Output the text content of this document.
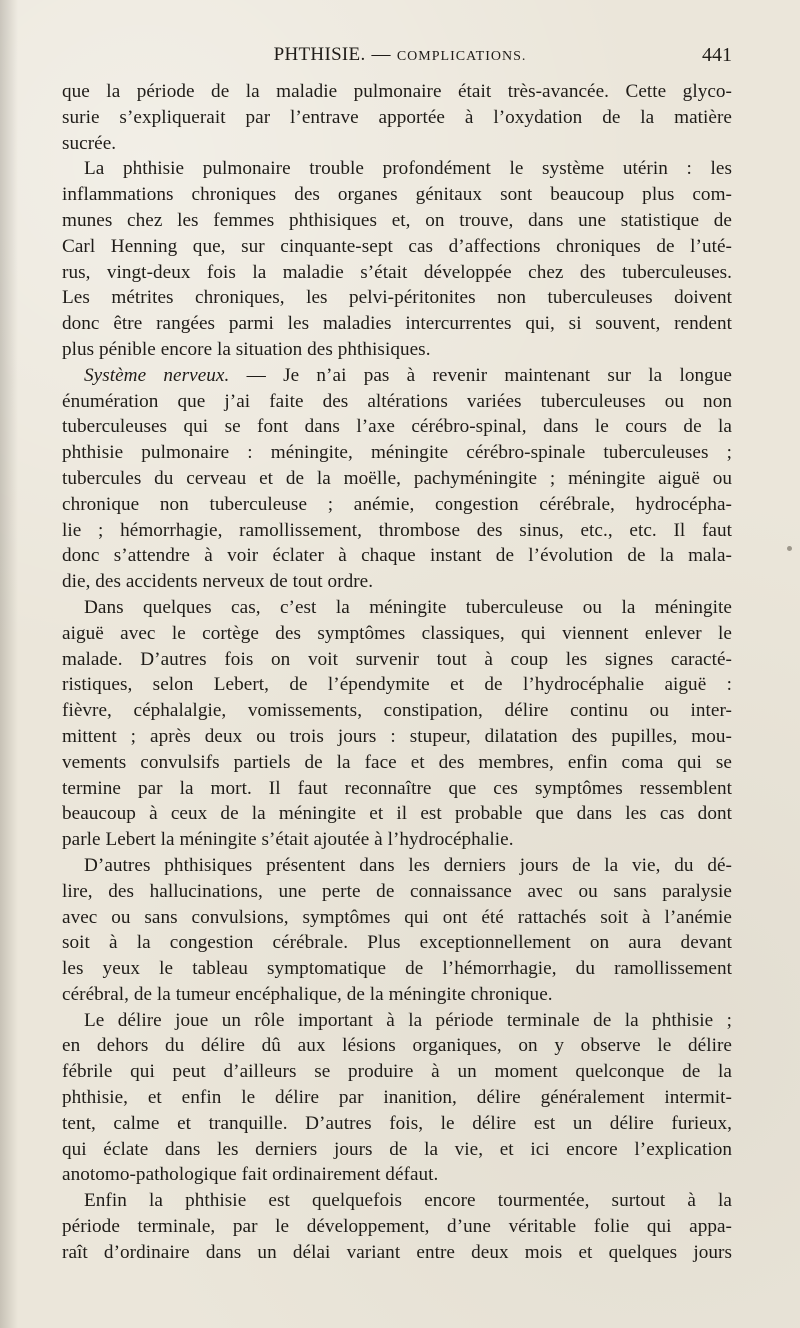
PHTHISIE. — COMPLICATIONS.	441
que la période de la maladie pulmonaire était très-avancée. Cette glyco-
surie s’expliquerait par l’entrave apportée à l’oxydation de la matière
sucrée.
La phthisie pulmonaire trouble profondément le système utérin : les
inflammations chroniques des organes génitaux sont beaucoup plus com-
munes chez les femmes phthisiques et, on trouve, dans une statistique de
Carl Henning que, sur cinquante-sept cas d’affections chroniques de l’uté-
rus, vingt-deux fois la maladie s’était développée chez des tuberculeuses.
Les métrites chroniques, les pelvi-péritonites non tuberculeuses doivent
donc être rangées parmi les maladies intercurrentes qui, si souvent, rendent
plus pénible encore la situation des phthisiques.
Système nerveux. — Je n’ai pas à revenir maintenant sur la longue
énumération que j’ai faite des altérations variées tuberculeuses ou non
tuberculeuses qui se font dans l’axe cérébro-spinal, dans le cours de la
phthisie pulmonaire : méningite, méningite cérébro-spinale tuberculeuses ;
tubercules du cerveau et de la moëlle, pachyméningite ; méningite aiguë ou
chronique non tuberculeuse ; anémie, congestion cérébrale, hydrocépha-
lie ; hémorrhagie, ramollissement, thrombose des sinus, etc., etc. Il faut
donc s’attendre à voir éclater à chaque instant de l’évolution de la mala-
die, des accidents nerveux de tout ordre.
Dans quelques cas, c’est la méningite tuberculeuse ou la méningite
aiguë avec le cortège des symptômes classiques, qui viennent enlever le
malade. D’autres fois on voit survenir tout à coup les signes caracté-
ristiques, selon Lebert, de l’épendymite et de l’hydrocéphalie aiguë :
fièvre, céphalalgie, vomissements, constipation, délire continu ou inter-
mittent ; après deux ou trois jours : stupeur, dilatation des pupilles, mou-
vements convulsifs partiels de la face et des membres, enfin coma qui se
termine par la mort. Il faut reconnaître que ces symptômes ressemblent
beaucoup à ceux de la méningite et il est probable que dans les cas dont
parle Lebert la méningite s’était ajoutée à l’hydrocéphalie.
D’autres phthisiques présentent dans les derniers jours de la vie, du dé-
lire, des hallucinations, une perte de connaissance avec ou sans paralysie
avec ou sans convulsions, symptômes qui ont été rattachés soit à l’anémie
soit à la congestion cérébrale. Plus exceptionnellement on aura devant
les yeux le tableau symptomatique de l’hémorrhagie, du ramollissement
cérébral, de la tumeur encéphalique, de la méningite chronique.
Le délire joue un rôle important à la période terminale de la phthisie ;
en dehors du délire dû aux lésions organiques, on y observe le délire
fébrile qui peut d’ailleurs se produire à un moment quelconque de la
phthisie, et enfin le délire par inanition, délire généralement intermit-
tent, calme et tranquille. D’autres fois, le délire est un délire furieux,
qui éclate dans les derniers jours de la vie, et ici encore l’explication
anotomo-pathologique fait ordinairement défaut.
Enfin la phthisie est quelquefois encore tourmentée, surtout à la
période terminale, par le développement, d’une véritable folie qui appa-
raît d’ordinaire dans un délai variant entre deux mois et quelques jours
